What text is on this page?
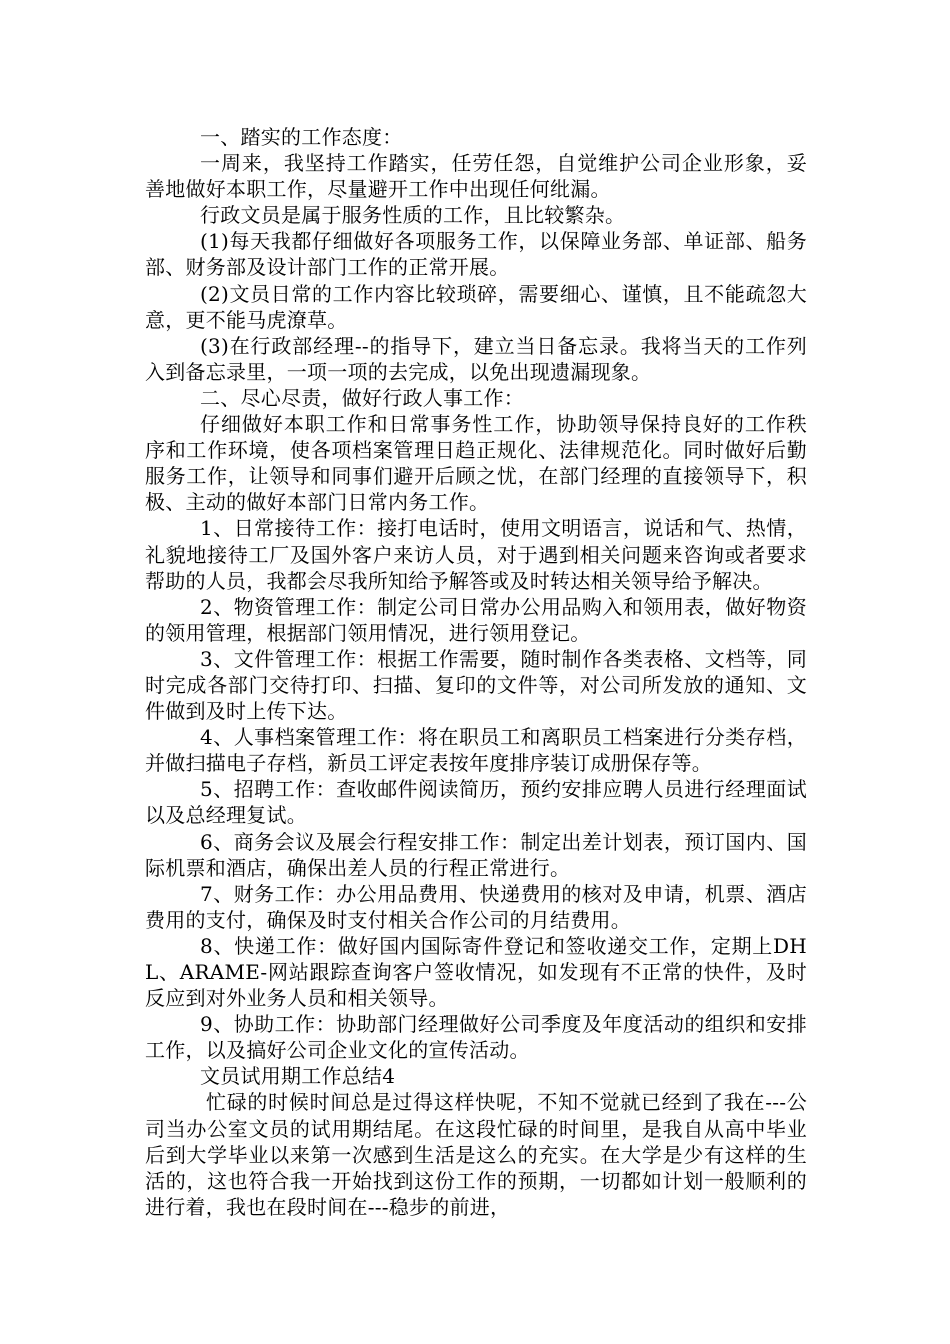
一、踏实的工作态度：

一周来，我坚持工作踏实，任劳任怨，自觉维护公司企业形象，妥善地做好本职工作，尽量避开工作中出现任何纰漏。

行政文员是属于服务性质的工作，且比较繁杂。

(1)每天我都仔细做好各项服务工作，以保障业务部、单证部、船务部、财务部及设计部门工作的正常开展。

(2)文员日常的工作内容比较琐碎，需要细心、谨慎，且不能疏忽大意，更不能马虎潦草。

(3)在行政部经理--的指导下，建立当日备忘录。我将当天的工作列入到备忘录里，一项一项的去完成，以免出现遗漏现象。

二、尽心尽责，做好行政人事工作：

仔细做好本职工作和日常事务性工作，协助领导保持良好的工作秩序和工作环境，使各项档案管理日趋正规化、法律规范化。同时做好后勤服务工作，让领导和同事们避开后顾之忧，在部门经理的直接领导下，积极、主动的做好本部门日常内务工作。

1、日常接待工作：接打电话时，使用文明语言，说话和气、热情，礼貌地接待工厂及国外客户来访人员，对于遇到相关问题来咨询或者要求帮助的人员，我都会尽我所知给予解答或及时转达相关领导给予解决。

2、物资管理工作：制定公司日常办公用品购入和领用表，做好物资的领用管理，根据部门领用情况，进行领用登记。

3、文件管理工作：根据工作需要，随时制作各类表格、文档等，同时完成各部门交待打印、扫描、复印的文件等，对公司所发放的通知、文件做到及时上传下达。

4、人事档案管理工作：将在职员工和离职员工档案进行分类存档，并做扫描电子存档，新员工评定表按年度排序装订成册保存等。

5、招聘工作：查收邮件阅读简历，预约安排应聘人员进行经理面试以及总经理复试。

6、商务会议及展会行程安排工作：制定出差计划表，预订国内、国际机票和酒店，确保出差人员的行程正常进行。

7、财务工作：办公用品费用、快递费用的核对及申请，机票、酒店费用的支付，确保及时支付相关合作公司的月结费用。

8、快递工作：做好国内国际寄件登记和签收递交工作，定期上DHL、ARAME-网站跟踪查询客户签收情况，如发现有不正常的快件，及时反应到对外业务人员和相关领导。

9、协助工作：协助部门经理做好公司季度及年度活动的组织和安排工作，以及搞好公司企业文化的宣传活动。

文员试用期工作总结4

忙碌的时候时间总是过得这样快呢，不知不觉就已经到了我在---公司当办公室文员的试用期结尾。在这段忙碌的时间里，是我自从高中毕业后到大学毕业以来第一次感到生活是这么的充实。在大学是少有这样的生活的，这也符合我一开始找到这份工作的预期，一切都如计划一般顺利的进行着，我也在段时间在---稳步的前进，
